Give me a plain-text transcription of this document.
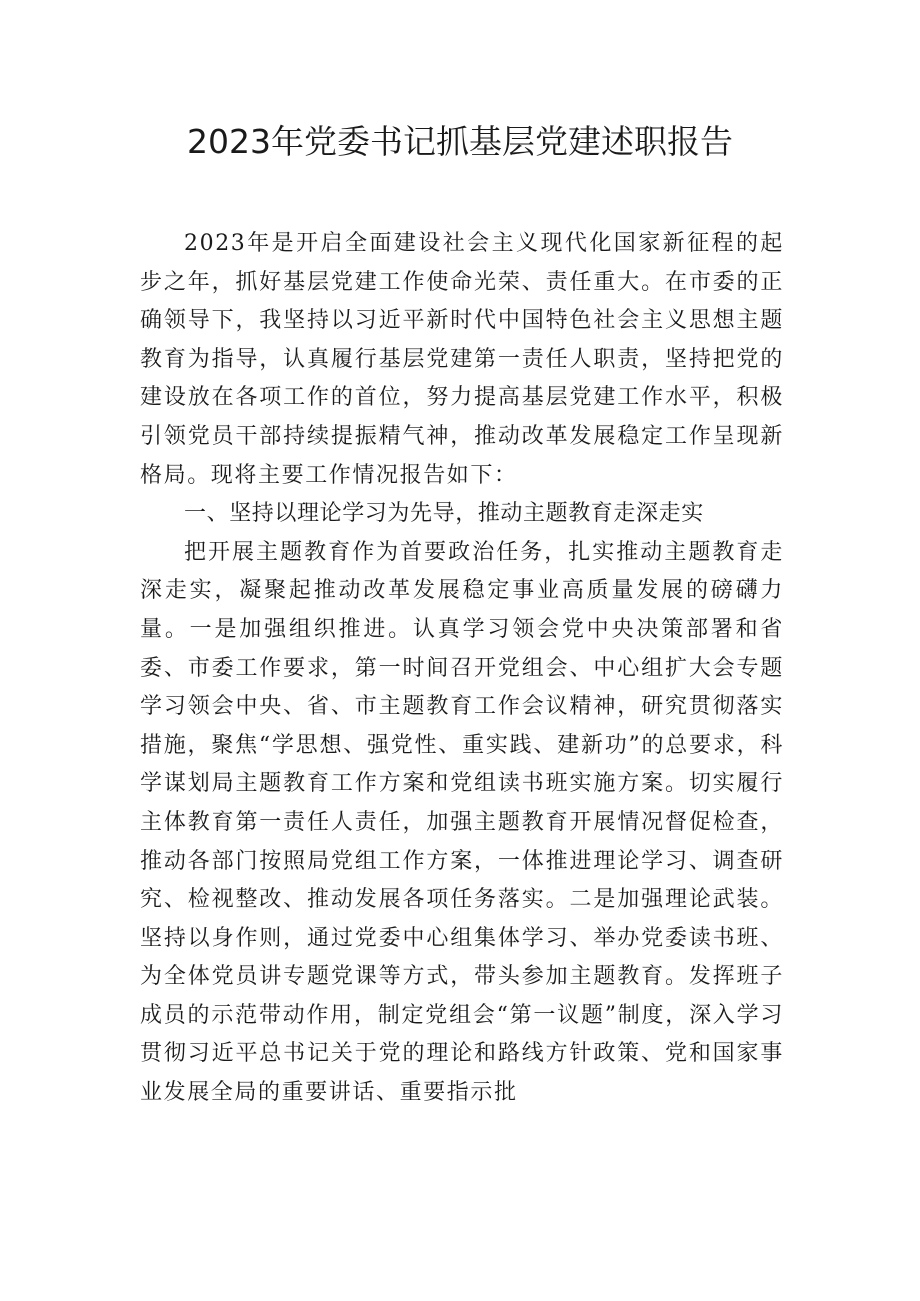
2023年党委书记抓基层党建述职报告

2023年是开启全面建设社会主义现代化国家新征程的起步之年，抓好基层党建工作使命光荣、责任重大。在市委的正确领导下，我坚持以习近平新时代中国特色社会主义思想主题教育为指导，认真履行基层党建第一责任人职责，坚持把党的建设放在各项工作的首位，努力提高基层党建工作水平，积极引领党员干部持续提振精气神，推动改革发展稳定工作呈现新格局。现将主要工作情况报告如下：

一、坚持以理论学习为先导，推动主题教育走深走实

把开展主题教育作为首要政治任务，扎实推动主题教育走深走实，凝聚起推动改革发展稳定事业高质量发展的磅礴力量。一是加强组织推进。认真学习领会党中央决策部署和省委、市委工作要求，第一时间召开党组会、中心组扩大会专题学习领会中央、省、市主题教育工作会议精神，研究贯彻落实措施，聚焦“学思想、强党性、重实践、建新功”的总要求，科学谋划局主题教育工作方案和党组读书班实施方案。切实履行主体教育第一责任人责任，加强主题教育开展情况督促检查，推动各部门按照局党组工作方案，一体推进理论学习、调查研究、检视整改、推动发展各项任务落实。二是加强理论武装。坚持以身作则，通过党委中心组集体学习、举办党委读书班、为全体党员讲专题党课等方式，带头参加主题教育。发挥班子成员的示范带动作用，制定党组会“第一议题”制度，深入学习贯彻习近平总书记关于党的理论和路线方针政策、党和国家事业发展全局的重要讲话、重要指示批
